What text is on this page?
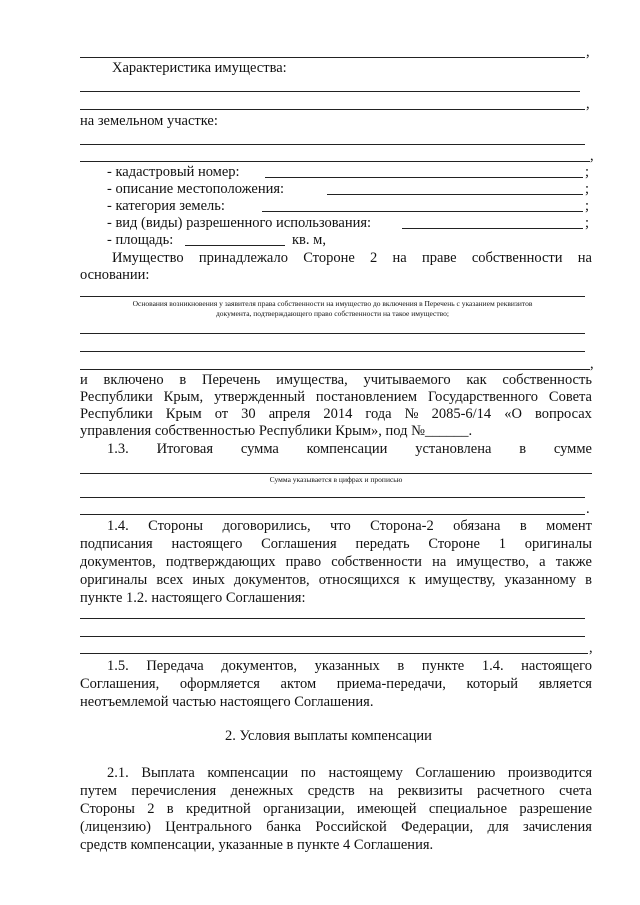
,
Характеристика имущества:
,
на земельном участке:
,
- кадастровый номер:	;
- описание местоположения:	;
- категория земель:	;
- вид (виды) разрешенного использования:	;
- площадь:	кв. м,
Имущество принадлежало Стороне 2 на праве собственности на
основании:
Основания возникновения у заявителя права собственности на имущество до включения в Перечень с указанием реквизитов
документа, подтверждающего право собственности на такое имущество;
,
и включено в Перечень имущества, учитываемого как собственность
Республики Крым, утвержденный постановлением Государственного Совета
Республики Крым от 30 апреля 2014 года № 2085-6/14 «О вопросах
управления собственностью Республики Крым», под №______.
1.3. Итоговая сумма компенсации установлена в сумме
Сумма указывается в цифрах и прописью
.
1.4. Стороны договорились, что Сторона-2 обязана в момент
подписания настоящего Соглашения передать Стороне 1 оригиналы
документов, подтверждающих право собственности на имущество, а также
оригиналы всех иных документов, относящихся к имуществу, указанному в
пункте 1.2. настоящего Соглашения:
,
1.5. Передача документов, указанных в пункте 1.4. настоящего
Соглашения, оформляется актом приема-передачи, который является
неотъемлемой частью настоящего Соглашения.
2. Условия выплаты компенсации
2.1. Выплата компенсации по настоящему Соглашению производится
путем перечисления денежных средств на реквизиты расчетного счета
Стороны 2 в кредитной организации, имеющей специальное разрешение
(лицензию) Центрального банка Российской Федерации, для зачисления
средств компенсации, указанные в пункте 4 Соглашения.
